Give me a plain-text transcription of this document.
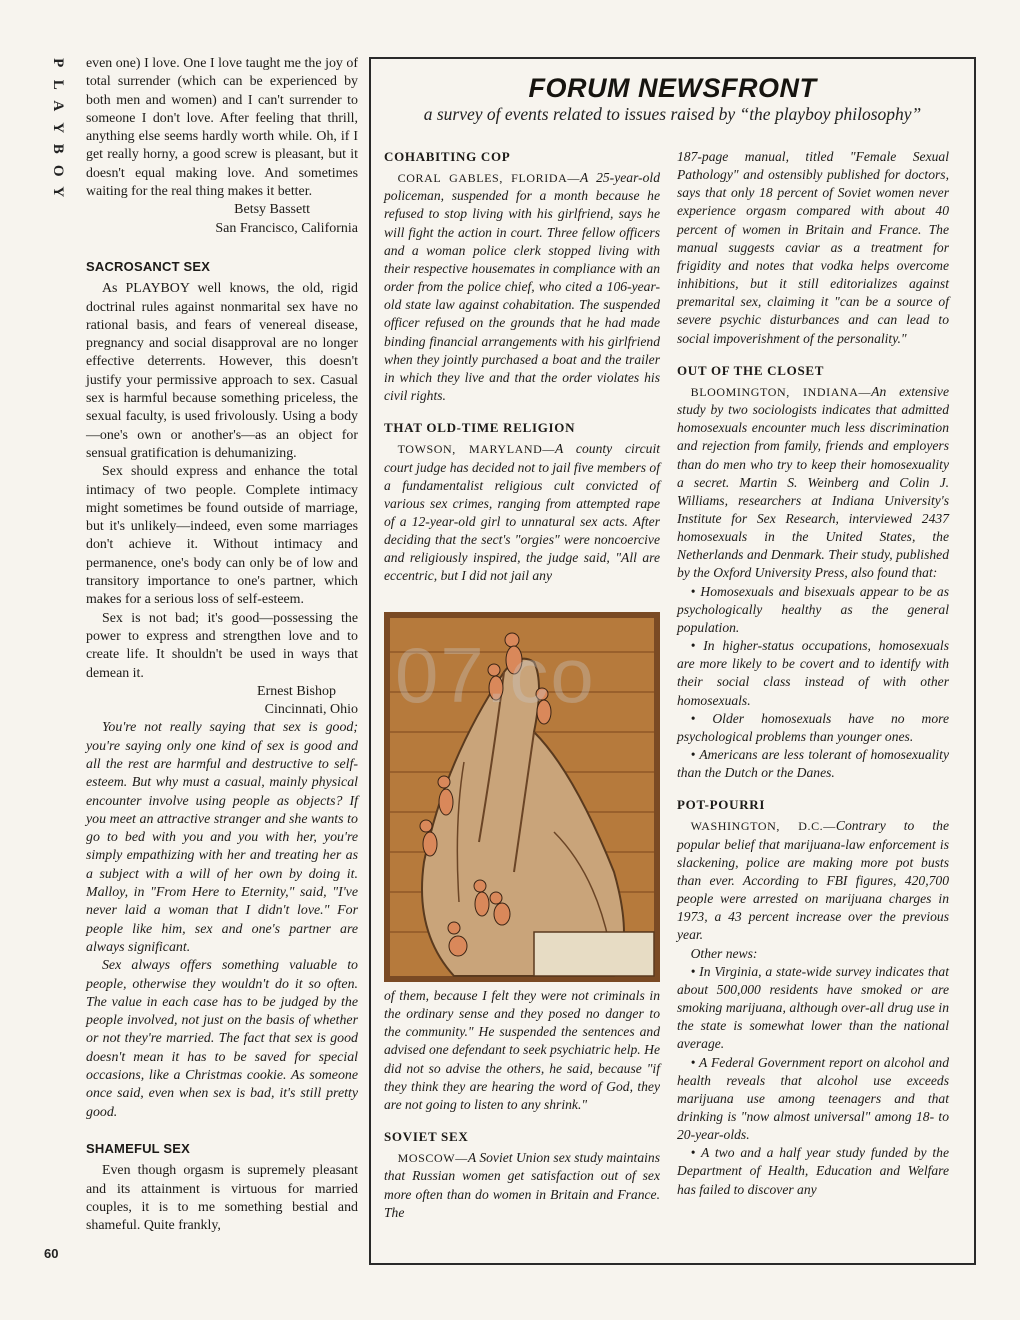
P
L
A
Y
B
O
Y
60

even one) I love. One I love taught me the joy of total surrender (which can be experienced by both men and women) and I can't surrender to someone I don't love. After feeling that thrill, anything else seems hardly worth while. Oh, if I get really horny, a good screw is pleasant, but it doesn't equal making love. And sometimes waiting for the real thing makes it better.

Betsy Bassett
San Francisco, California
SACROSANCT SEX

As PLAYBOY well knows, the old, rigid doctrinal rules against nonmarital sex have no rational basis, and fears of venereal disease, pregnancy and social disapproval are no longer effective deterrents. However, this doesn't justify your permissive approach to sex. Casual sex is harmful because something priceless, the sexual faculty, is used frivolously. Using a body—one's own or another's—as an object for sensual gratification is dehumanizing.

Sex should express and enhance the total intimacy of two people. Complete intimacy might sometimes be found outside of marriage, but it's unlikely—indeed, even some marriages don't achieve it. Without intimacy and permanence, one's body can only be of low and transitory importance to one's partner, which makes for a serious loss of self-esteem.

Sex is not bad; it's good—possessing the power to express and strengthen love and to create life. It shouldn't be used in ways that demean it.

Ernest Bishop
Cincinnati, Ohio

You're not really saying that sex is good; you're saying only one kind of sex is good and all the rest are harmful and destructive to self-esteem. But why must a casual, mainly physical encounter involve using people as objects? If you meet an attractive stranger and she wants to go to bed with you and you with her, you're simply empathizing with her and treating her as a subject with a will of her own by doing it. Malloy, in "From Here to Eternity," said, "I've never laid a woman that I didn't love." For people like him, sex and one's partner are always significant.

Sex always offers something valuable to people, otherwise they wouldn't do it so often. The value in each case has to be judged by the people involved, not just on the basis of whether or not they're married. The fact that sex is good doesn't mean it has to be saved for special occasions, like a Christmas cookie. As someone once said, even when sex is bad, it's still pretty good.

SHAMEFUL SEX

Even though orgasm is supremely pleasant and its attainment is virtuous for married couples, it is to me something bestial and shameful. Quite frankly,

FORUM NEWSFRONT
a survey of events related to issues raised by “the playboy philosophy”
COHABITING COP

CORAL GABLES, FLORIDA—A 25-year-old policeman, suspended for a month because he refused to stop living with his girlfriend, says he will fight the action in court. Three fellow officers and a woman police clerk stopped living with their respective housemates in compliance with an order from the police chief, who cited a 106-year-old state law against cohabitation. The suspended officer refused on the grounds that he had made binding financial arrangements with his girlfriend when they jointly purchased a boat and the trailer in which they live and that the order violates his civil rights.

THAT OLD-TIME RELIGION

TOWSON, MARYLAND—A county circuit court judge has decided not to jail five members of a fundamentalist religious cult convicted of various sex crimes, ranging from attempted rape of a 12-year-old girl to unnatural sex acts. After deciding that the sect's "orgies" were noncoercive and religiously inspired, the judge said, "All are eccentric, but I did not jail any

07.co

of them, because I felt they were not criminals in the ordinary sense and they posed no danger to the community." He suspended the sentences and advised one defendant to seek psychiatric help. He did not so advise the others, he said, because "if they think they are hearing the word of God, they are not going to listen to any shrink."

SOVIET SEX

MOSCOW—A Soviet Union sex study maintains that Russian women get satisfaction out of sex more often than do women in Britain and France. The

187-page manual, titled "Female Sexual Pathology" and ostensibly published for doctors, says that only 18 percent of Soviet women never experience orgasm compared with about 40 percent of women in Britain and France. The manual suggests caviar as a treatment for frigidity and notes that vodka helps overcome inhibitions, but it still editorializes against premarital sex, claiming it "can be a source of severe psychic disturbances and can lead to social impoverishment of the personality."

OUT OF THE CLOSET

BLOOMINGTON, INDIANA—An extensive study by two sociologists indicates that admitted homosexuals encounter much less discrimination and rejection from family, friends and employers than do men who try to keep their homosexuality a secret. Martin S. Weinberg and Colin J. Williams, researchers at Indiana University's Institute for Sex Research, interviewed 2437 homosexuals in the United States, the Netherlands and Denmark. Their study, published by the Oxford University Press, also found that:

• Homosexuals and bisexuals appear to be as psychologically healthy as the general population.

• In higher-status occupations, homosexuals are more likely to be covert and to identify with their social class instead of with other homosexuals.

• Older homosexuals have no more psychological problems than younger ones.

• Americans are less tolerant of homosexuality than the Dutch or the Danes.

POT-POURRI

WASHINGTON, D.C.—Contrary to the popular belief that marijuana-law enforcement is slackening, police are making more pot busts than ever. According to FBI figures, 420,700 people were arrested on marijuana charges in 1973, a 43 percent increase over the previous year.

Other news:

• In Virginia, a state-wide survey indicates that about 500,000 residents have smoked or are smoking marijuana, although over-all drug use in the state is somewhat lower than the national average.

• A Federal Government report on alcohol and health reveals that alcohol use exceeds marijuana use among teenagers and that drinking is "now almost universal" among 18- to 20-year-olds.

• A two and a half year study funded by the Department of Health, Education and Welfare has failed to discover any
